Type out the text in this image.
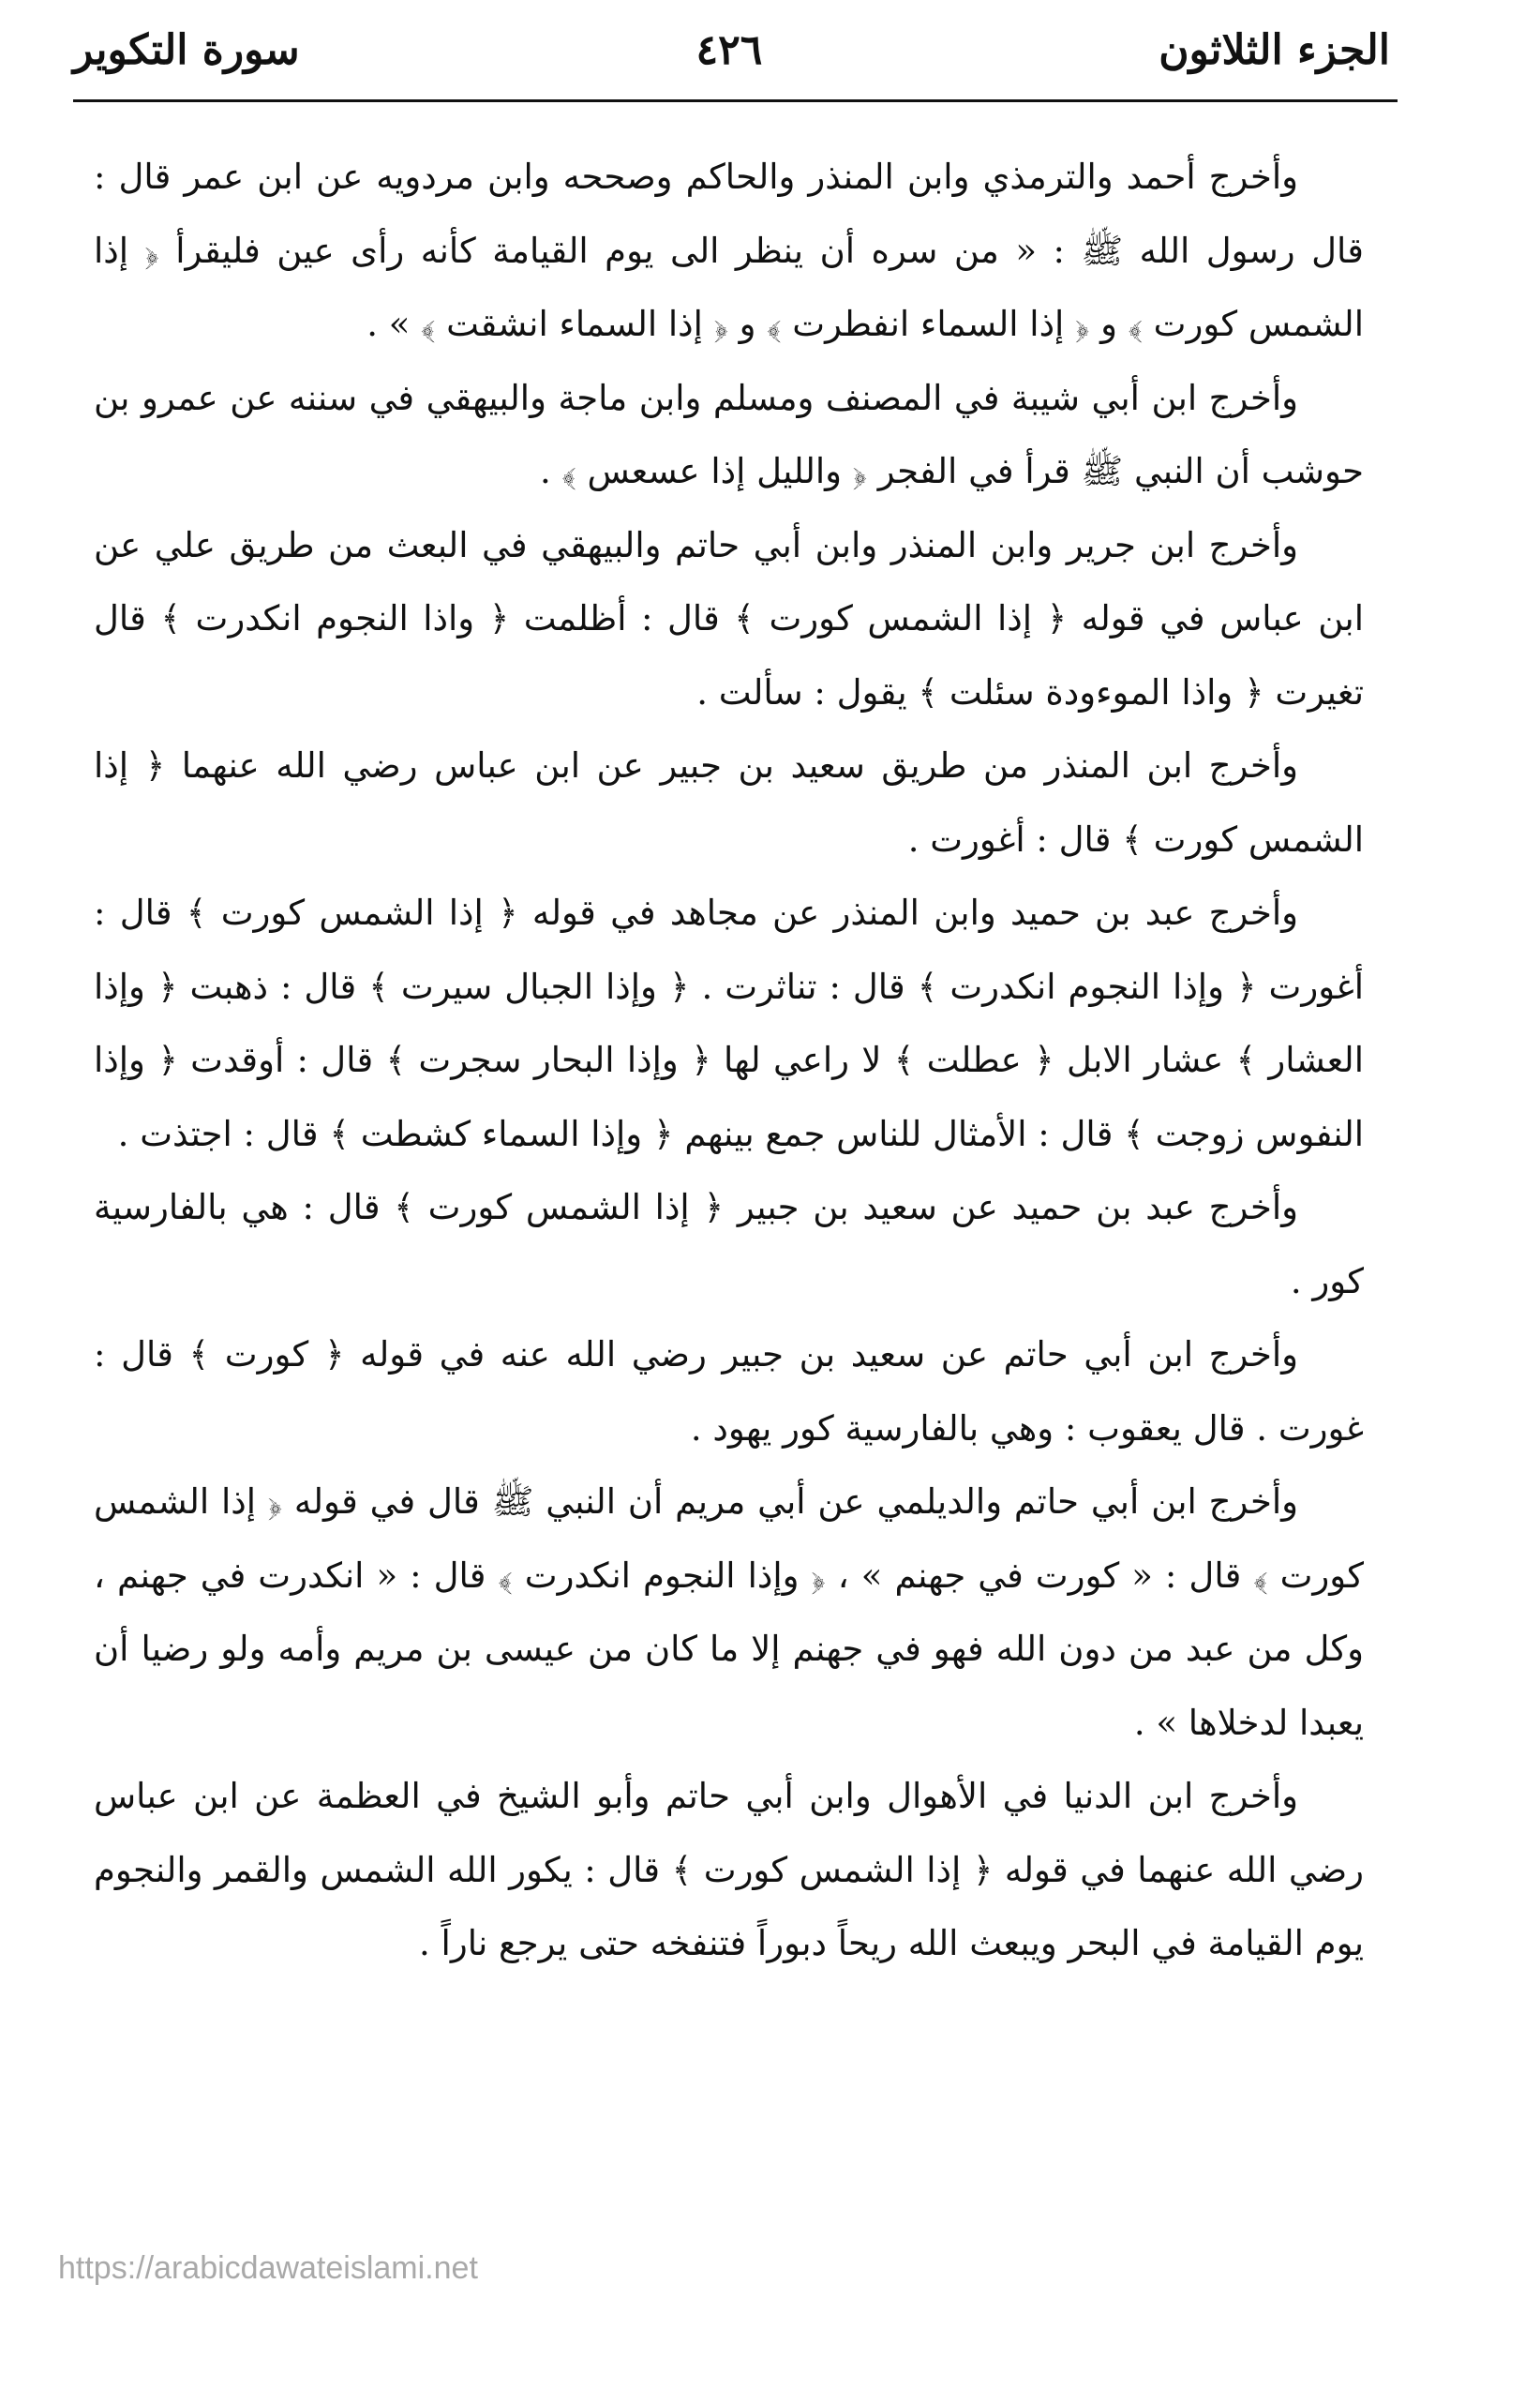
الجزء الثلاثون
٤٢٦
سورة التكوير

وأخرج أحمد والترمذي وابن المنذر والحاكم وصححه وابن مردويه عن ابن عمر قال : قال رسول الله ﷺ : « من سره أن ينظر الى يوم القيامة كأنه رأى عين فليقرأ ﴿ إذا الشمس كورت ﴾ و ﴿ إذا السماء انفطرت ﴾ و ﴿ إذا السماء انشقت ﴾ » .

وأخرج ابن أبي شيبة في المصنف ومسلم وابن ماجة والبيهقي في سننه عن عمرو بن حوشب أن النبي ﷺ قرأ في الفجر ﴿ والليل إذا عسعس ﴾ .

وأخرج ابن جرير وابن المنذر وابن أبي حاتم والبيهقي في البعث من طريق علي عن ابن عباس في قوله ﴿ إذا الشمس كورت ﴾ قال : أظلمت ﴿ واذا النجوم انكدرت ﴾ قال تغيرت ﴿ واذا الموءودة سئلت ﴾ يقول : سألت .

وأخرج ابن المنذر من طريق سعيد بن جبير عن ابن عباس رضي الله عنهما ﴿ إذا الشمس كورت ﴾ قال : أغورت .

وأخرج عبد بن حميد وابن المنذر عن مجاهد في قوله ﴿ إذا الشمس كورت ﴾ قال : أغورت ﴿ وإذا النجوم انكدرت ﴾ قال : تناثرت . ﴿ وإذا الجبال سيرت ﴾ قال : ذهبت ﴿ وإذا العشار ﴾ عشار الابل ﴿ عطلت ﴾ لا راعي لها ﴿ وإذا البحار سجرت ﴾ قال : أوقدت ﴿ وإذا النفوس زوجت ﴾ قال : الأمثال للناس جمع بينهم ﴿ وإذا السماء كشطت ﴾ قال : اجتذت .

وأخرج عبد بن حميد عن سعيد بن جبير ﴿ إذا الشمس كورت ﴾ قال : هي بالفارسية كور .

وأخرج ابن أبي حاتم عن سعيد بن جبير رضي الله عنه في قوله ﴿ كورت ﴾ قال : غورت . قال يعقوب : وهي بالفارسية كور يهود .

وأخرج ابن أبي حاتم والديلمي عن أبي مريم أن النبي ﷺ قال في قوله ﴿ إذا الشمس كورت ﴾ قال : « كورت في جهنم » ، ﴿ وإذا النجوم انكدرت ﴾ قال : « انكدرت في جهنم ، وكل من عبد من دون الله فهو في جهنم إلا ما كان من عيسى بن مريم وأمه ولو رضيا أن يعبدا لدخلاها » .

وأخرج ابن الدنيا في الأهوال وابن أبي حاتم وأبو الشيخ في العظمة عن ابن عباس رضي الله عنهما في قوله ﴿ إذا الشمس كورت ﴾ قال : يكور الله الشمس والقمر والنجوم يوم القيامة في البحر ويبعث الله ريحاً دبوراً فتنفخه حتى يرجع ناراً .

https://arabicdawateislami.net
